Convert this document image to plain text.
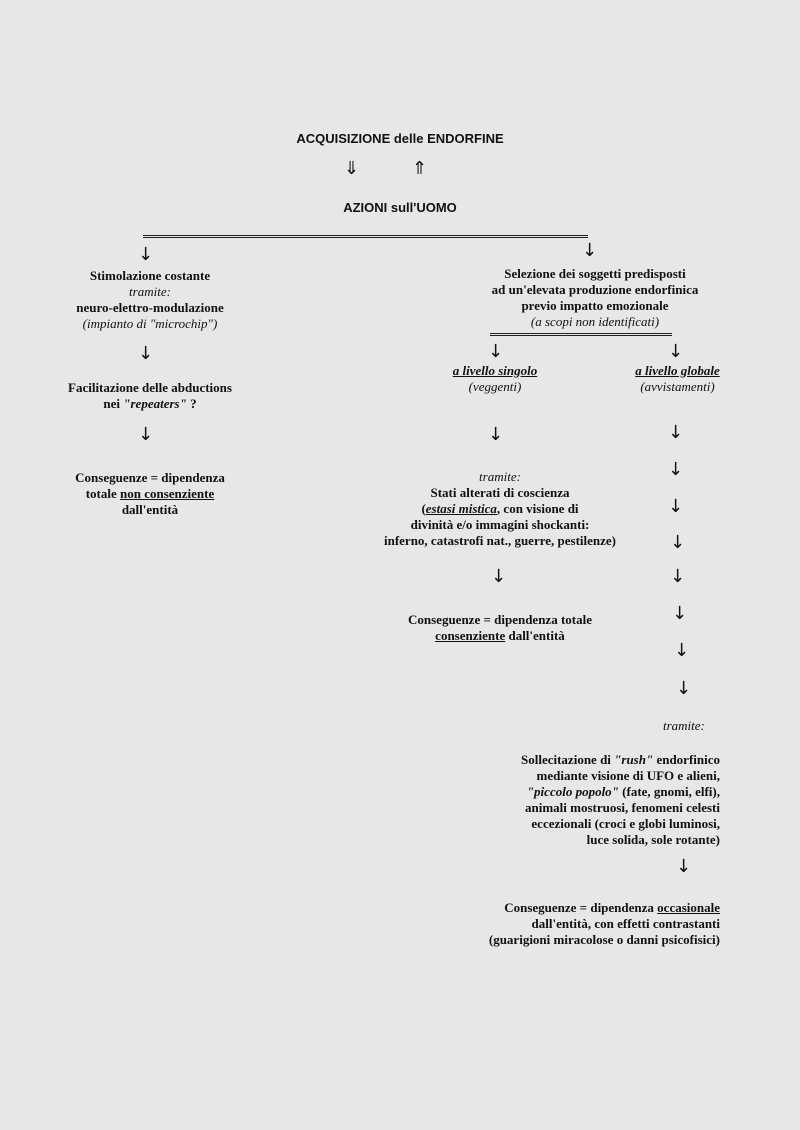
ACQUISIZIONE delle ENDORFINE
⇓	⇑
AZIONI sull'UOMO
↓	↓
Stimolazione costante
tramite:
neuro-elettro-modulazione
(impianto di "microchip")
↓
Facilitazione delle abductions
nei "repeaters" ?
↓
Conseguenze = dipendenza
totale non consenziente
dall'entità
Selezione dei soggetti predisposti
ad un'elevata produzione endorfinica
previo impatto emozionale
(a scopi non identificati)
↓	↓
a livello singolo
(veggenti)
↓
tramite:
Stati alterati di coscienza
(estasi mistica, con visione di
divinità e/o immagini shockanti:
inferno, catastrofi nat., guerre, pestilenze)
↓
Conseguenze = dipendenza totale
consenziente dall'entità
a livello globale
(avvistamenti)
↓
↓
↓
↓
↓
↓
↓
↓
tramite:
Sollecitazione di "rush" endorfinico
mediante visione di UFO e alieni,
"piccolo popolo" (fate, gnomi, elfi),
animali mostruosi, fenomeni celesti
eccezionali (croci e globi luminosi,
luce solida, sole rotante)
↓
Conseguenze = dipendenza occasionale
dall'entità, con effetti contrastanti
(guarigioni miracolose o danni psicofisici)
